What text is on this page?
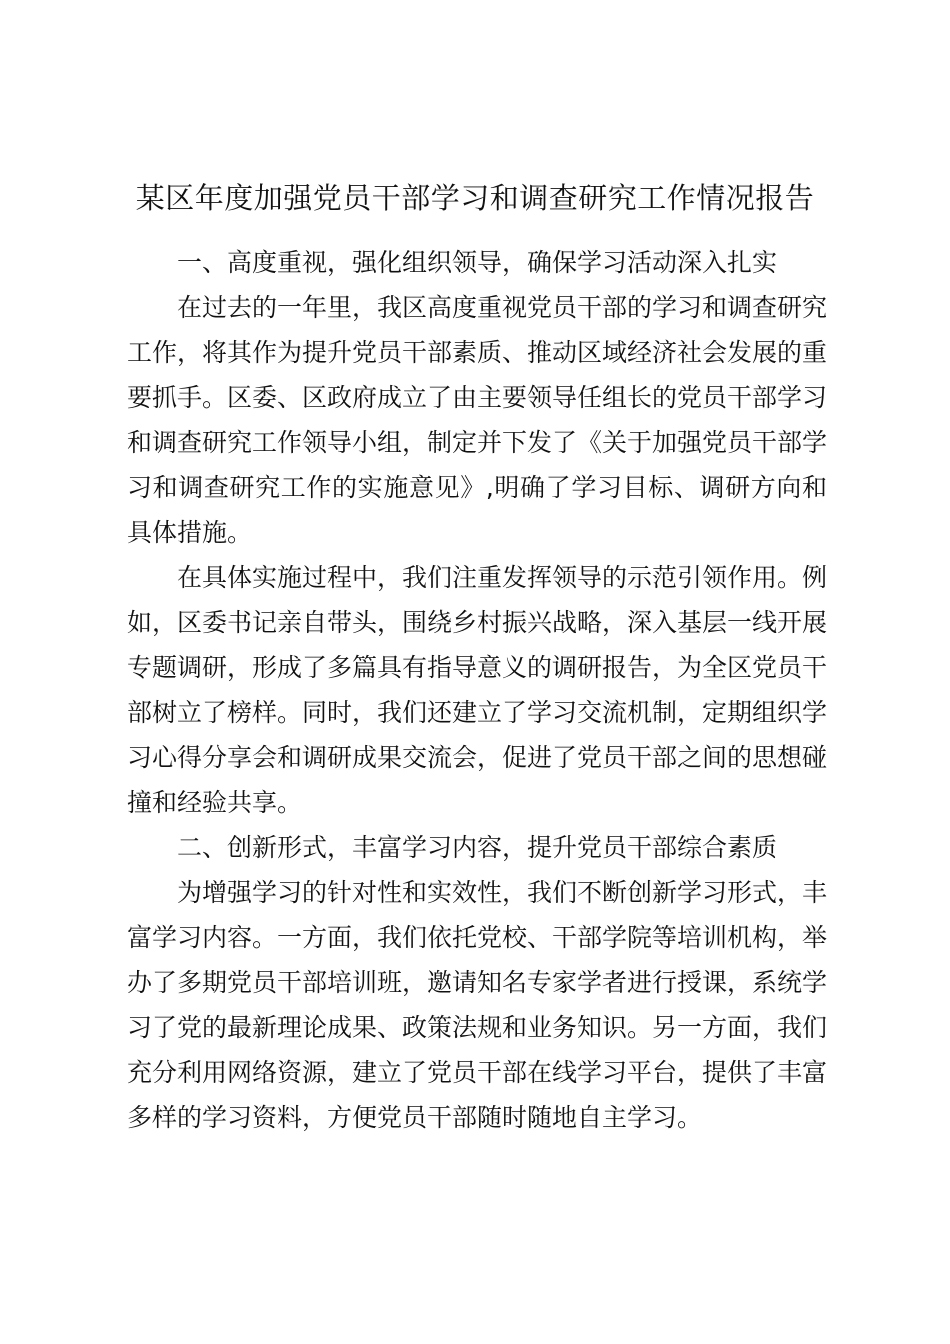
某区年度加强党员干部学习和调查研究工作情况报告
一、高度重视，强化组织领导，确保学习活动深入扎实

在过去的一年里，我区高度重视党员干部的学习和调查研究工作，将其作为提升党员干部素质、推动区域经济社会发展的重要抓手。区委、区政府成立了由主要领导任组长的党员干部学习和调查研究工作领导小组，制定并下发了《关于加强党员干部学习和调查研究工作的实施意见》,明确了学习目标、调研方向和具体措施。

在具体实施过程中，我们注重发挥领导的示范引领作用。例如，区委书记亲自带头，围绕乡村振兴战略，深入基层一线开展专题调研，形成了多篇具有指导意义的调研报告，为全区党员干部树立了榜样。同时，我们还建立了学习交流机制，定期组织学习心得分享会和调研成果交流会，促进了党员干部之间的思想碰撞和经验共享。

二、创新形式，丰富学习内容，提升党员干部综合素质

为增强学习的针对性和实效性，我们不断创新学习形式，丰富学习内容。一方面，我们依托党校、干部学院等培训机构，举办了多期党员干部培训班，邀请知名专家学者进行授课，系统学习了党的最新理论成果、政策法规和业务知识。另一方面，我们充分利用网络资源，建立了党员干部在线学习平台，提供了丰富多样的学习资料，方便党员干部随时随地自主学习。
